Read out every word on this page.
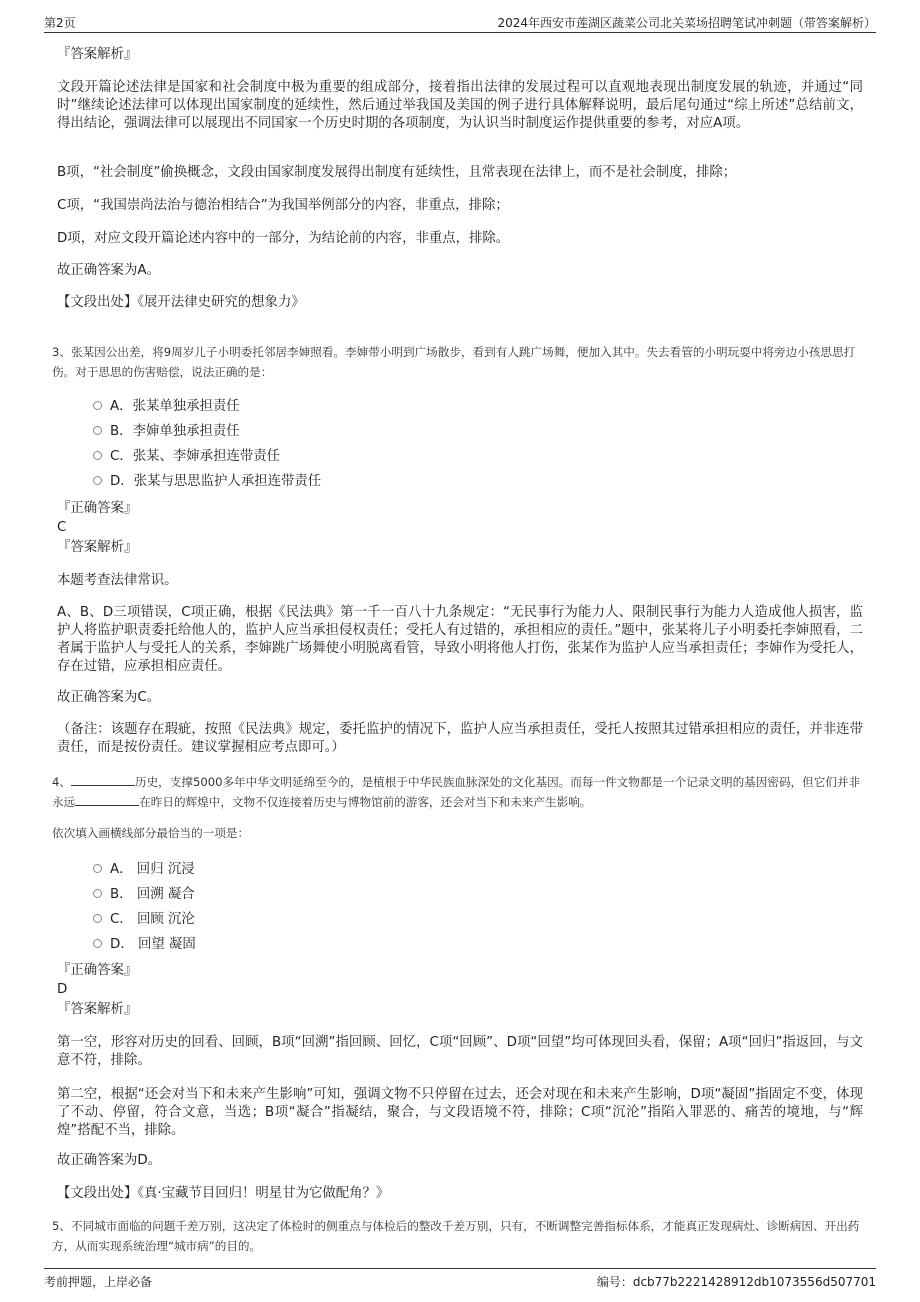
第2页	2024年西安市莲湖区蔬菜公司北关菜场招聘笔试冲刺题（带答案解析）
『答案解析』

文段开篇论述法律是国家和社会制度中极为重要的组成部分，接着指出法律的发展过程可以直观地表现出制度发展的轨迹，并通过“同时”继续论述法律可以体现出国家制度的延续性，然后通过举我国及美国的例子进行具体解释说明，最后尾句通过“综上所述”总结前文，得出结论，强调法律可以展现出不同国家一个历史时期的各项制度，为认识当时制度运作提供重要的参考，对应A项。

B项，“社会制度”偷换概念，文段由国家制度发展得出制度有延续性，且常表现在法律上，而不是社会制度，排除；

C项，“我国崇尚法治与德治相结合”为我国举例部分的内容，非重点，排除；

D项，对应文段开篇论述内容中的一部分，为结论前的内容，非重点，排除。

故正确答案为A。

【文段出处】《展开法律史研究的想象力》

3、张某因公出差，将9周岁儿子小明委托邻居李婶照看。李婶带小明到广场散步，看到有人跳广场舞，便加入其中。失去看管的小明玩耍中将旁边小孩思思打伤。对于思思的伤害赔偿，说法正确的是：

A．张某单独承担责任
B．李婶单独承担责任
C．张某、李婶承担连带责任
D．张某与思思监护人承担连带责任
『正确答案』
C
『答案解析』

本题考查法律常识。

A、B、D三项错误，C项正确，根据《民法典》第一千一百八十九条规定：“无民事行为能力人、限制民事行为能力人造成他人损害，监护人将监护职责委托给他人的，监护人应当承担侵权责任；受托人有过错的，承担相应的责任。”题中，张某将儿子小明委托李婶照看，二者属于监护人与受托人的关系，李婶跳广场舞使小明脱离看管，导致小明将他人打伤，张某作为监护人应当承担责任；李婶作为受托人，存在过错，应承担相应责任。

故正确答案为C。

（备注：该题存在瑕疵，按照《民法典》规定，委托监护的情况下，监护人应当承担责任，受托人按照其过错承担相应的责任，并非连带责任，而是按份责任。建议掌握相应考点即可。）

4、	历史，支撑5000多年中华文明延绵至今的，是植根于中华民族血脉深处的文化基因。而每一件文物都是一个记录文明的基因密码，但它们并非永远	在昨日的辉煌中，文物不仅连接着历史与博物馆前的游客，还会对当下和未来产生影响。

依次填入画横线部分最恰当的一项是：

A． 回归 沉浸
B． 回溯 凝合
C． 回顾 沉沦
D． 回望 凝固
『正确答案』
D
『答案解析』

第一空，形容对历史的回看、回顾，B项“回溯”指回顾、回忆，C项“回顾”、D项“回望”均可体现回头看，保留；A项“回归”指返回，与文意不符，排除。

第二空，根据“还会对当下和未来产生影响”可知，强调文物不只停留在过去，还会对现在和未来产生影响，D项“凝固”指固定不变，体现了不动、停留，符合文意，当选；B项“凝合”指凝结，聚合，与文段语境不符，排除；C项“沉沦”指陷入罪恶的、痛苦的境地，与“辉煌”搭配不当，排除。

故正确答案为D。

【文段出处】《真·宝藏节目回归！明星甘为它做配角？》

5、不同城市面临的问题千差万别，这决定了体检时的侧重点与体检后的整改千差万别，只有，不断调整完善指标体系，才能真正发现病灶、诊断病因、开出药方，从而实现系统治理“城市病”的目的。

考前押题，上岸必备	编号：dcb77b2221428912db1073556d507701
